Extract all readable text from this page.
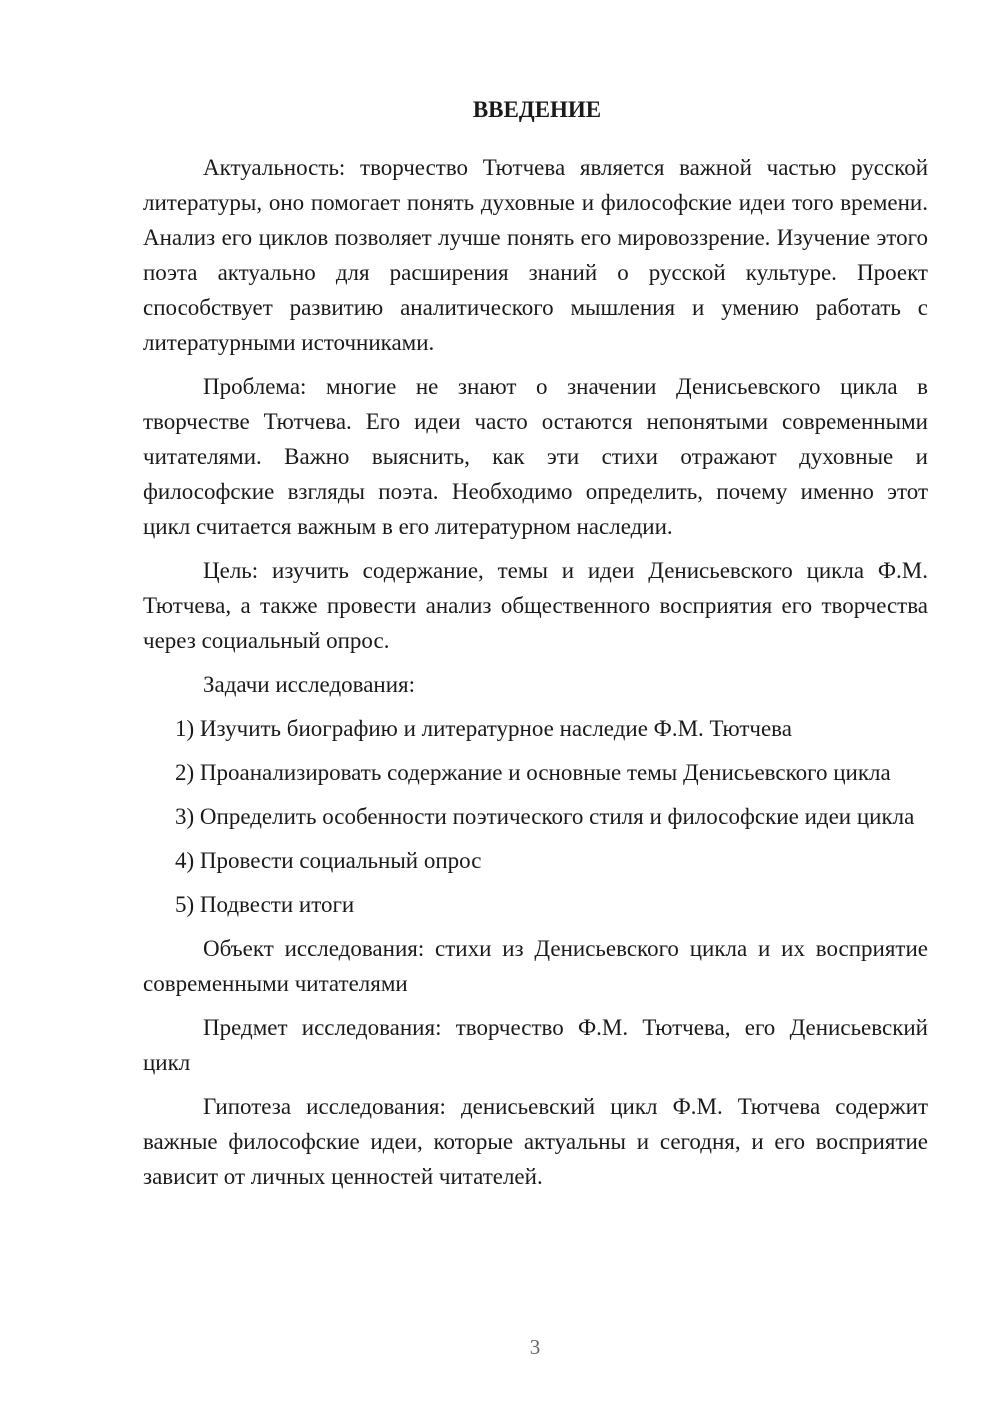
ВВЕДЕНИЕ

Актуальность: творчество Тютчева является важной частью русской литературы, оно помогает понять духовные и философские идеи того времени. Анализ его циклов позволяет лучше понять его мировоззрение. Изучение этого поэта актуально для расширения знаний о русской культуре. Проект способствует развитию аналитического мышления и умению работать с литературными источниками.

Проблема: многие не знают о значении Денисьевского цикла в творчестве Тютчева. Его идеи часто остаются непонятыми современными читателями. Важно выяснить, как эти стихи отражают духовные и философские взгляды поэта. Необходимо определить, почему именно этот цикл считается важным в его литературном наследии.

Цель: изучить содержание, темы и идеи Денисьевского цикла Ф.М. Тютчева, а также провести анализ общественного восприятия его творчества через социальный опрос.

Задачи исследования:

1) Изучить биографию и литературное наследие Ф.М. Тютчева

2) Проанализировать содержание и основные темы Денисьевского цикла

3) Определить особенности поэтического стиля и философские идеи цикла

4) Провести социальный опрос

5) Подвести итоги

Объект исследования: стихи из Денисьевского цикла и их восприятие современными читателями

Предмет исследования: творчество Ф.М. Тютчева, его Денисьевский цикл

Гипотеза исследования: денисьевский цикл Ф.М. Тютчева содержит важные философские идеи, которые актуальны и сегодня, и его восприятие зависит от личных ценностей читателей.

3
